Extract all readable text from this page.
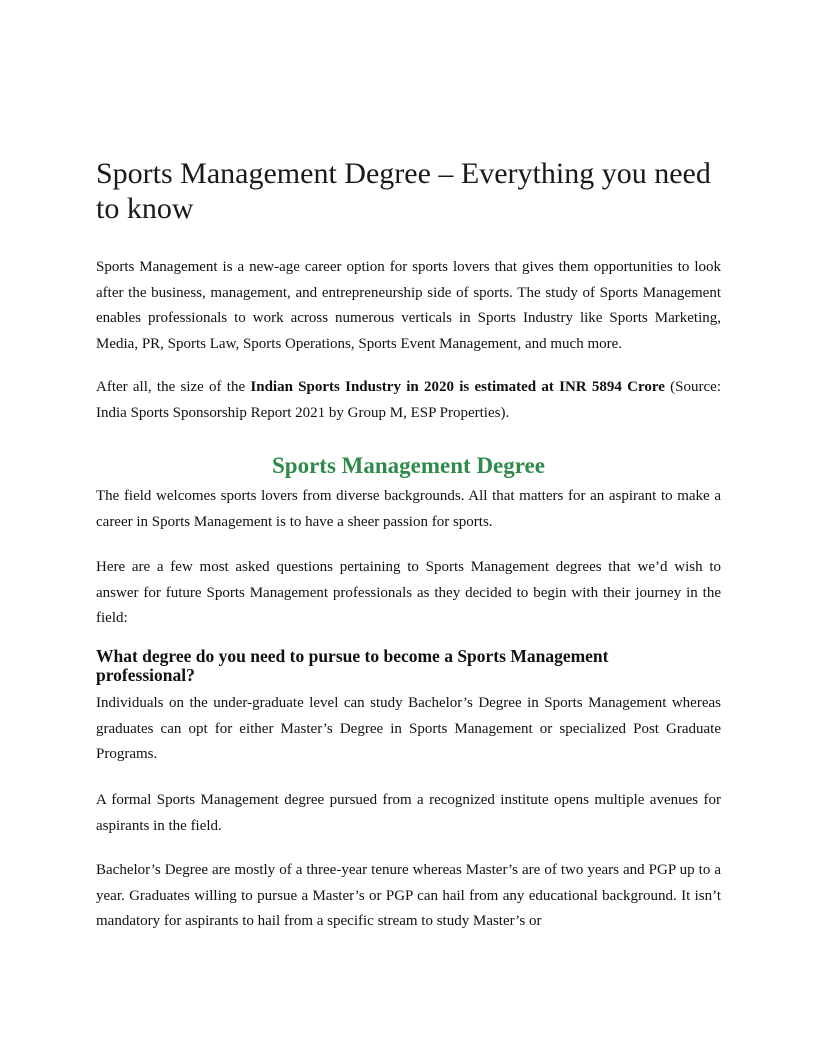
Sports Management Degree – Everything you need to know

Sports Management is a new-age career option for sports lovers that gives them opportunities to look after the business, management, and entrepreneurship side of sports. The study of Sports Management enables professionals to work across numerous verticals in Sports Industry like Sports Marketing, Media, PR, Sports Law, Sports Operations, Sports Event Management, and much more.

After all, the size of the Indian Sports Industry in 2020 is estimated at INR 5894 Crore (Source: India Sports Sponsorship Report 2021 by Group M, ESP Properties).

Sports Management Degree

The field welcomes sports lovers from diverse backgrounds. All that matters for an aspirant to make a career in Sports Management is to have a sheer passion for sports.

Here are a few most asked questions pertaining to Sports Management degrees that we’d wish to answer for future Sports Management professionals as they decided to begin with their journey in the field:

What degree do you need to pursue to become a Sports Management professional?

Individuals on the under-graduate level can study Bachelor’s Degree in Sports Management whereas graduates can opt for either Master’s Degree in Sports Management or specialized Post Graduate Programs.

A formal Sports Management degree pursued from a recognized institute opens multiple avenues for aspirants in the field.

Bachelor’s Degree are mostly of a three-year tenure whereas Master’s are of two years and PGP up to a year. Graduates willing to pursue a Master’s or PGP can hail from any educational background. It isn’t mandatory for aspirants to hail from a specific stream to study Master’s or
